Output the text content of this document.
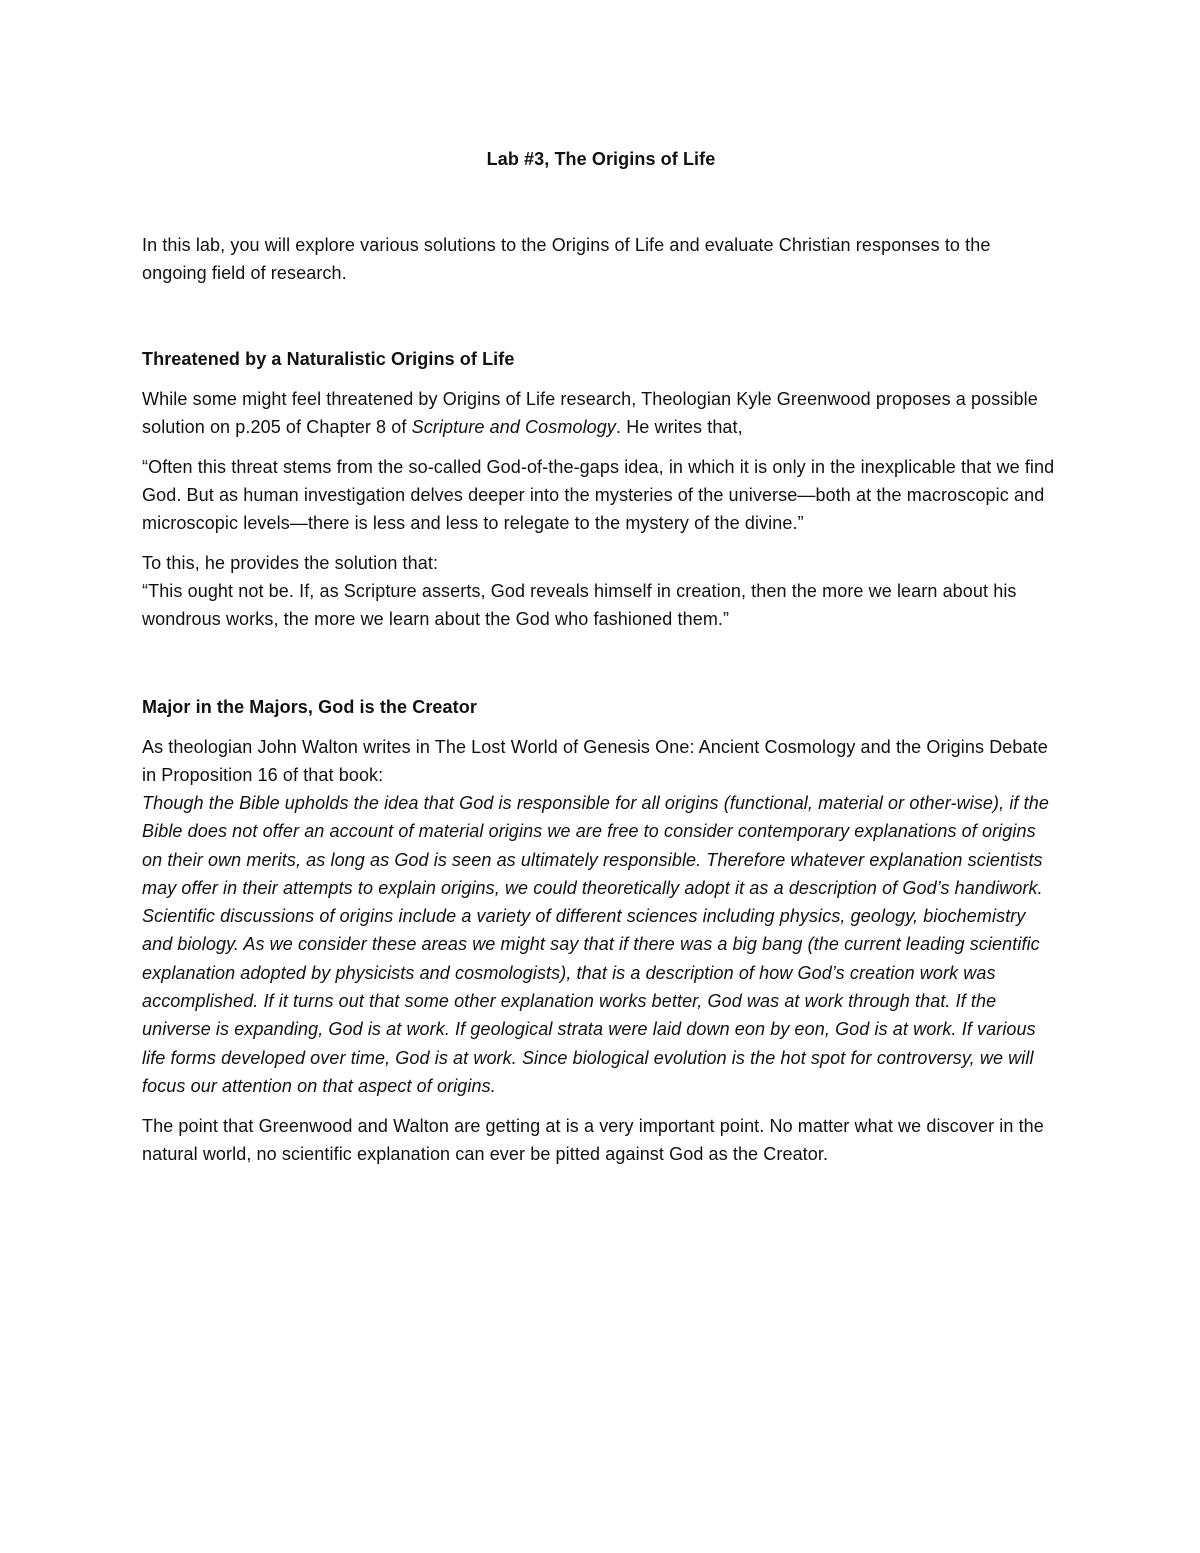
Lab #3, The Origins of Life

In this lab, you will explore various solutions to the Origins of Life and evaluate Christian responses to the ongoing field of research.

Threatened by a Naturalistic Origins of Life

While some might feel threatened by Origins of Life research, Theologian Kyle Greenwood proposes a possible solution on p.205 of Chapter 8 of Scripture and Cosmology. He writes that,

“Often this threat stems from the so-called God-of-the-gaps idea, in which it is only in the inexplicable that we find God. But as human investigation delves deeper into the mysteries of the universe—both at the macroscopic and microscopic levels—there is less and less to relegate to the mystery of the divine.”

To this, he provides the solution that:

“This ought not be. If, as Scripture asserts, God reveals himself in creation, then the more we learn about his wondrous works, the more we learn about the God who fashioned them.”

Major in the Majors, God is the Creator

As theologian John Walton writes in The Lost World of Genesis One: Ancient Cosmology and the Origins Debate in Proposition 16 of that book:

Though the Bible upholds the idea that God is responsible for all origins (functional, material or other-wise), if the Bible does not offer an account of material origins we are free to consider contemporary explanations of origins on their own merits, as long as God is seen as ultimately responsible. Therefore whatever explanation scientists may offer in their attempts to explain origins, we could theoretically adopt it as a description of God’s handiwork. Scientific discussions of origins include a variety of different sciences including physics, geology, biochemistry and biology. As we consider these areas we might say that if there was a big bang (the current leading scientific explanation adopted by physicists and cosmologists), that is a description of how God’s creation work was accomplished. If it turns out that some other explanation works better, God was at work through that. If the universe is expanding, God is at work. If geological strata were laid down eon by eon, God is at work. If various life forms developed over time, God is at work. Since biological evolution is the hot spot for controversy, we will focus our attention on that aspect of origins.

The point that Greenwood and Walton are getting at is a very important point. No matter what we discover in the natural world, no scientific explanation can ever be pitted against God as the Creator.
